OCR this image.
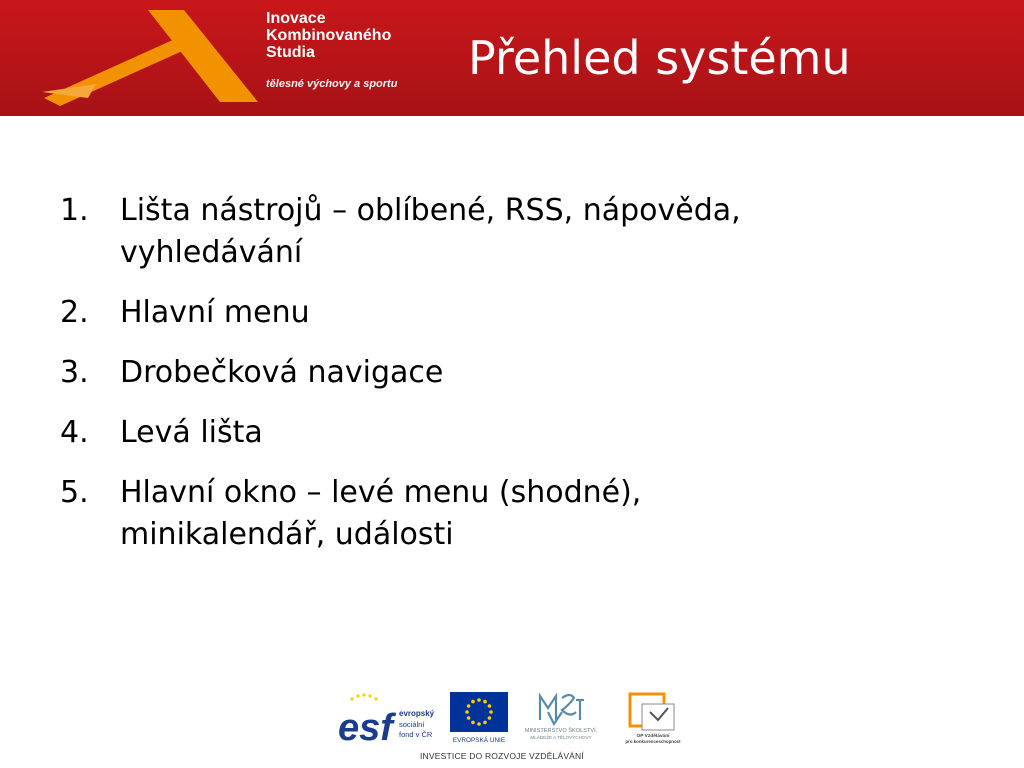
Inovace
Kombinovaného
Studia
tělesné výchovy a sportu Přehled systému
1.	Lišta nástrojů – oblíbené, RSS, nápověda,
vyhledávání
2.	Hlavní menu
3.	Drobečková navigace
4.	Levá lišta
5.	Hlavní okno – levé menu (shodné),
minikalendář, události
esf evropský
sociální
fond v ČR
EVROPSKÁ UNIE
MINISTERSTVO ŠKOLSTVÍ,
MLÁDEŽE A TĚLOVÝCHOVY	OP Vzdělávání
pro konkurenceschopnost
INVESTICE DO ROZVOJE VZDĚLÁVÁNÍ
